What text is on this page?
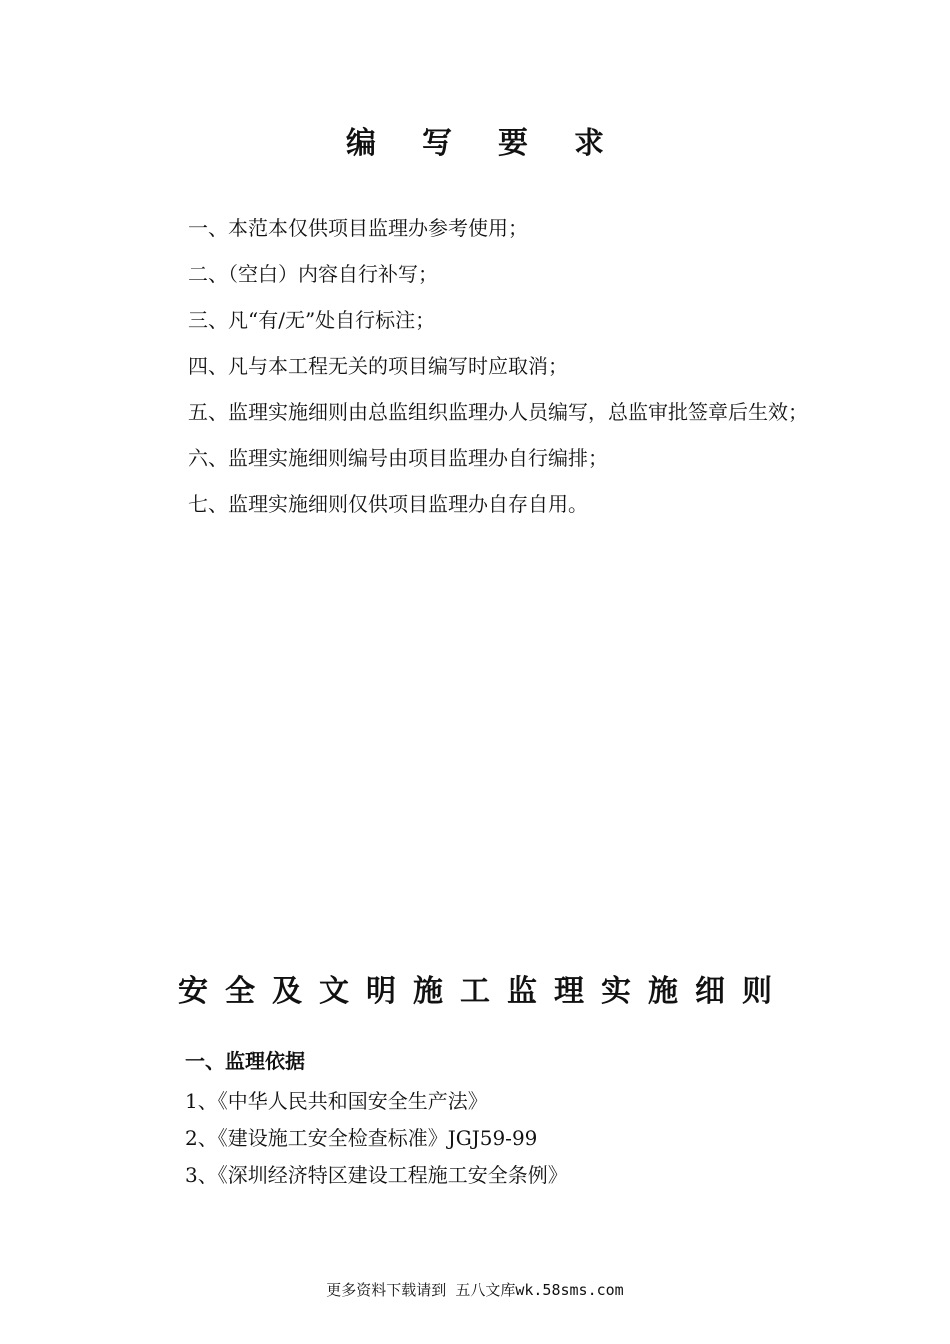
编写要求

一、本范本仅供项目监理办参考使用；

二、（空白）内容自行补写；

三、凡“有/无”处自行标注；

四、凡与本工程无关的项目编写时应取消；

五、监理实施细则由总监组织监理办人员编写，总监审批签章后生效；

六、监理实施细则编号由项目监理办自行编排；

七、监理实施细则仅供项目监理办自存自用。

安全及文明施工监理实施细则
一、监理依据

1、《中华人民共和国安全生产法》

2、《建设施工安全检查标准》JGJ59-99

3、《深圳经济特区建设工程施工安全条例》

更多资料下载请到 五八文库wk.58sms.com
